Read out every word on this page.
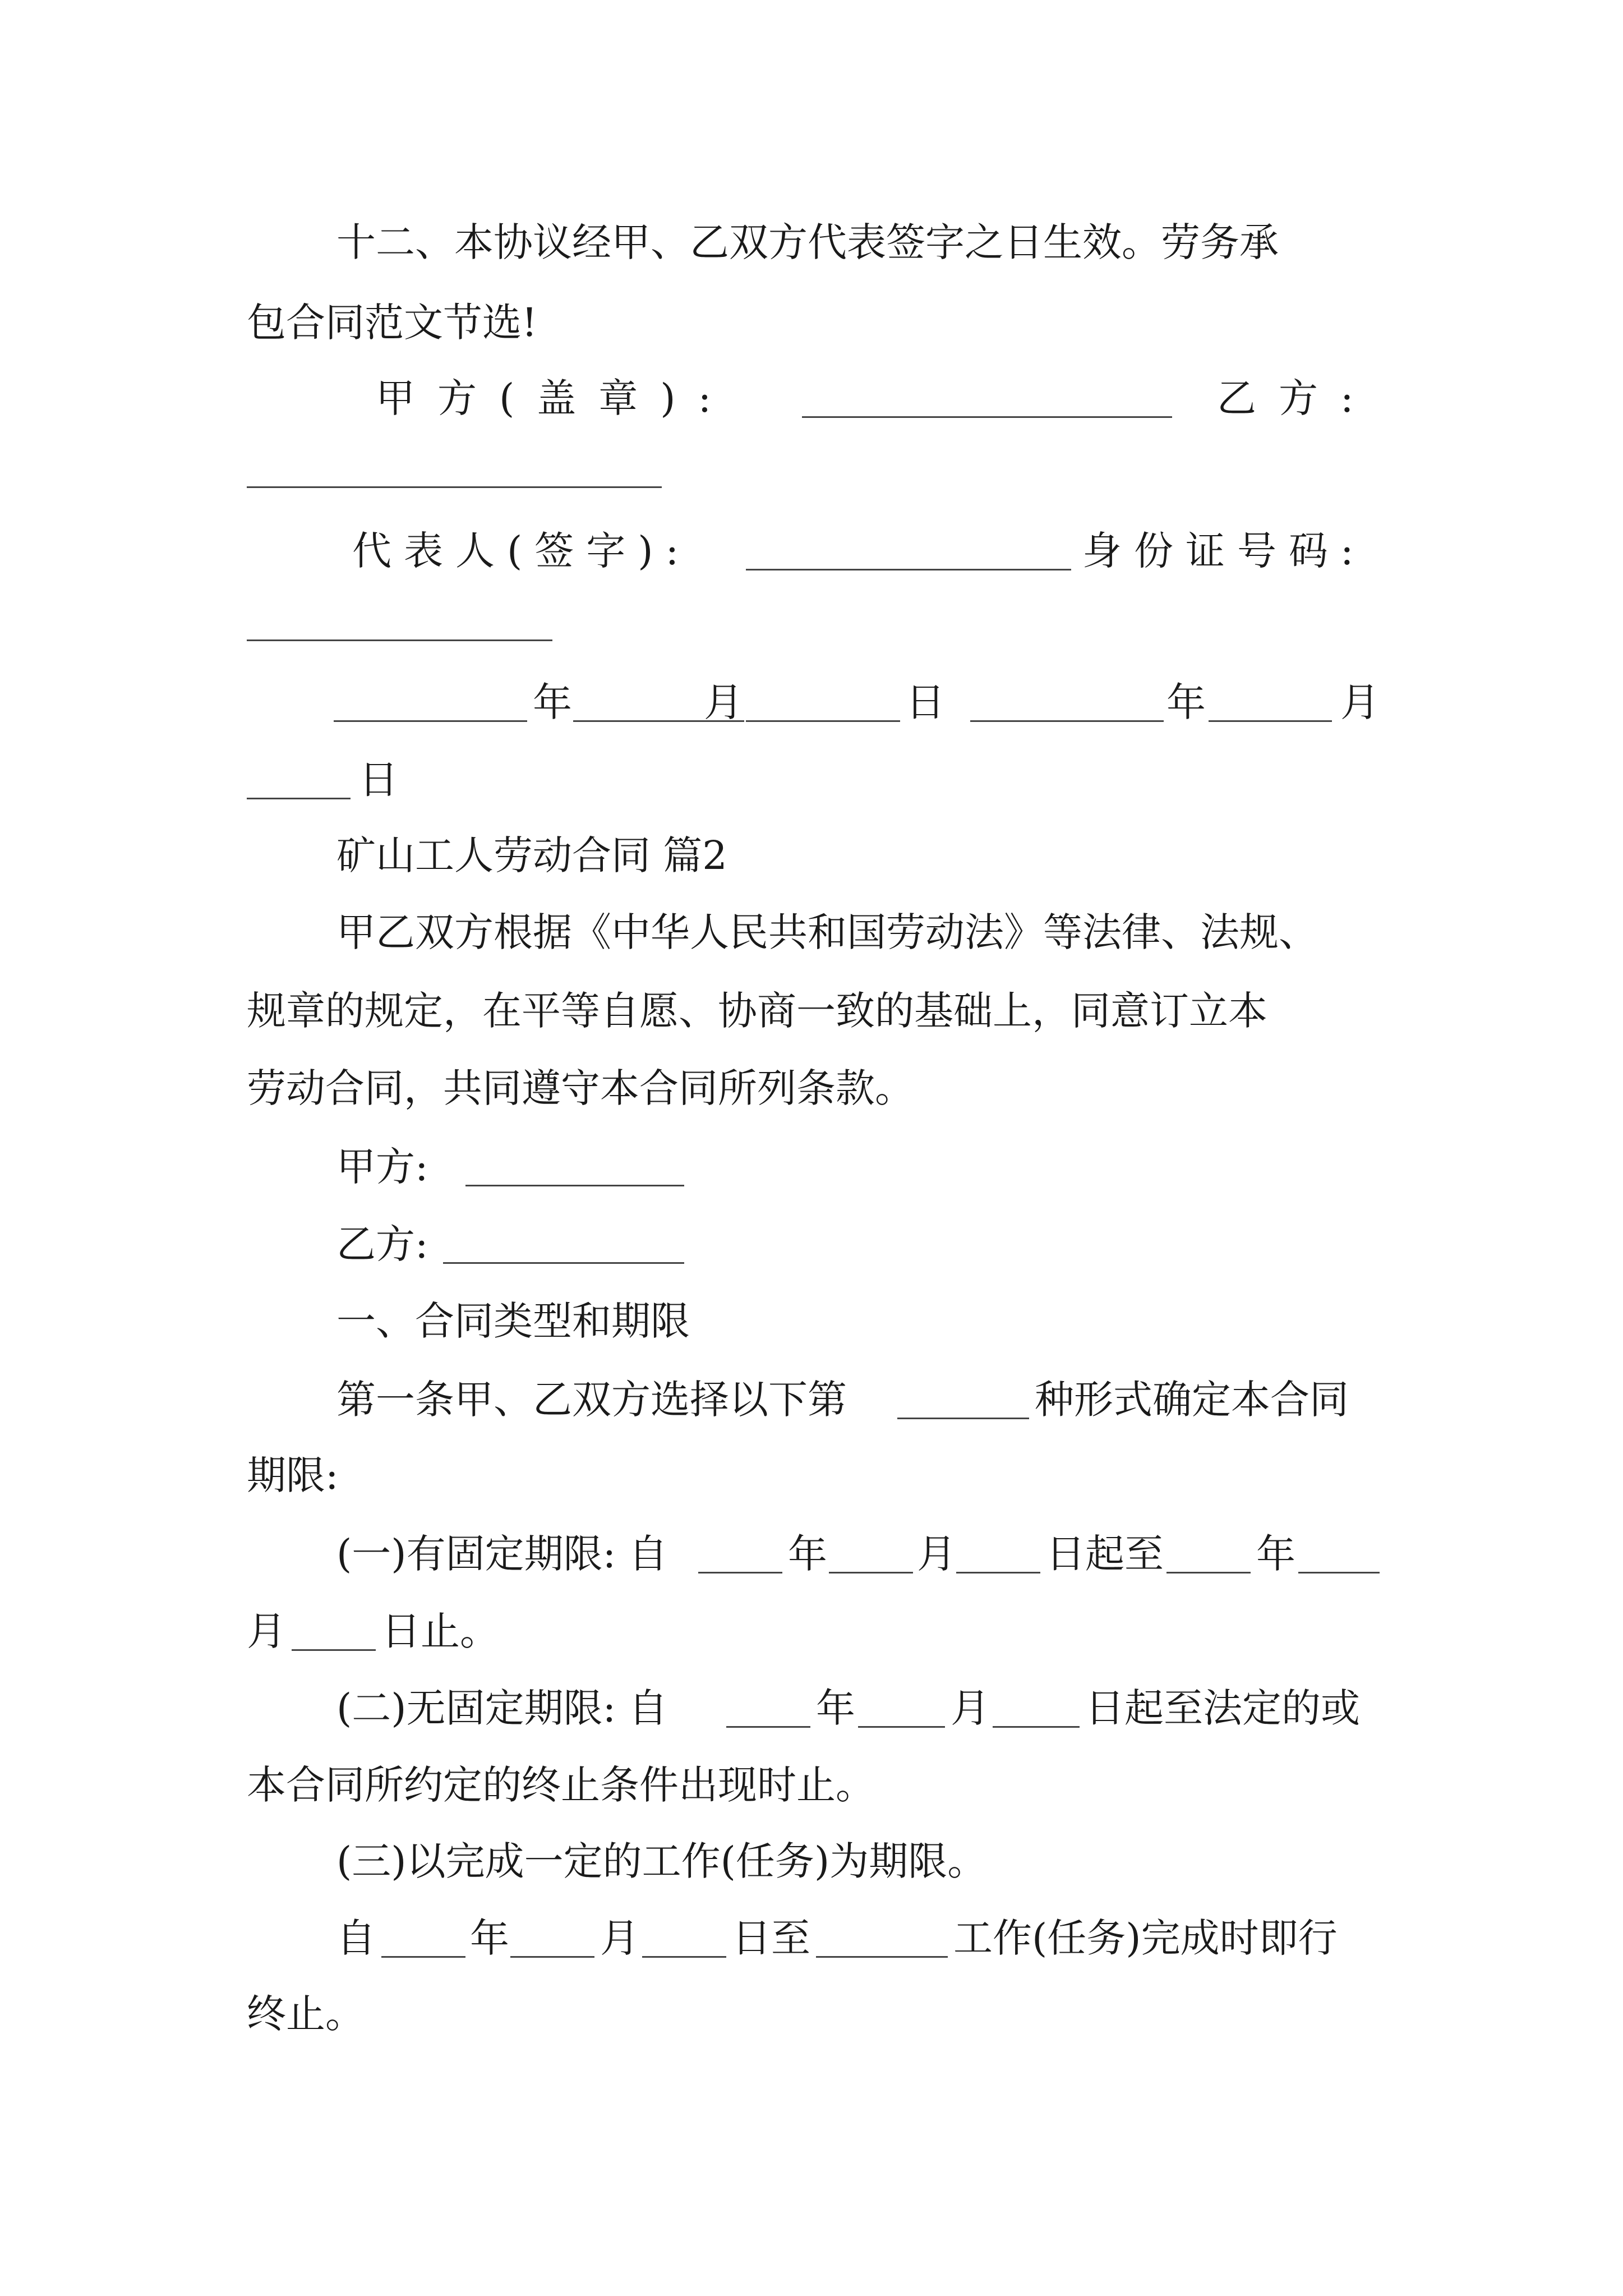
十二、本协议经甲、乙双方代表签字之日生效。劳务承
包合同范文节选!
甲方(盖章):	乙方:
代表人(签字):	身份证号码:
年	月	日	年	月
日
矿山工人劳动合同 篇2
甲乙双方根据《中华人民共和国劳动法》等法律、法规、
规章的规定，在平等自愿、协商一致的基础上，同意订立本
劳动合同，共同遵守本合同所列条款。
甲方:
乙方:
一、合同类型和期限
第一条甲、乙双方选择以下第	种形式确定本合同
期限:
(一)有固定期限: 自	年 月 日起至 年
月 日止。
(二)无固定期限: 自	年 月 日起至法定的或
本合同所约定的终止条件出现时止。
(三)以完成一定的工作(任务)为期限。
自 年 月 日至	工作(任务)完成时即行
终止。
